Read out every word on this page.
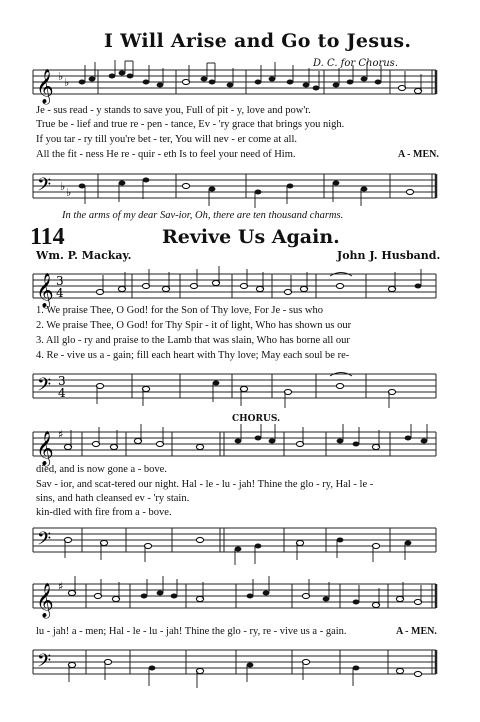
I Will Arise and Go to Jesus.
D. C. for Chorus.
𝄞 ♭ ♭
Je - sus read - y stands to save you, Full of pit - y, love and pow'r.
True be - lief and true re - pen - tance, Ev - 'ry grace that brings you nigh.
If you tar - ry till you're bet - ter, You will nev - er come at all.
All the fit - ness He re - quir - eth Is to feel your need of Him.	A - MEN.
𝄢 ♭ ♭
In the arms of my dear Sav-ior, Oh, there are ten thousand charms.
114	Revive Us Again.
Wm. P. Mackay.	John J. Husband.
𝄞 3
4
1. We praise Thee, O God! for the Son of Thy love, For Je - sus who
2. We praise Thee, O God! for Thy Spir - it of light, Who has shown us our
3. All glo - ry and praise to the Lamb that was slain, Who has borne all our
4. Re - vive us a - gain; fill each heart with Thy love; May each soul be re-
𝄢 3
4
CHORUS.
𝄞 ♯
died, and is now gone a - bove.
Sav - ior, and scat-tered our night. Hal - le - lu - jah! Thine the glo - ry, Hal - le -
sins, and hath cleansed ev - 'ry stain.
kin-dled with fire from a - bove.
𝄢
𝄞 ♯
lu - jah! a - men; Hal - le - lu - jah! Thine the glo - ry, re - vive us a - gain.	A - MEN.
𝄢
